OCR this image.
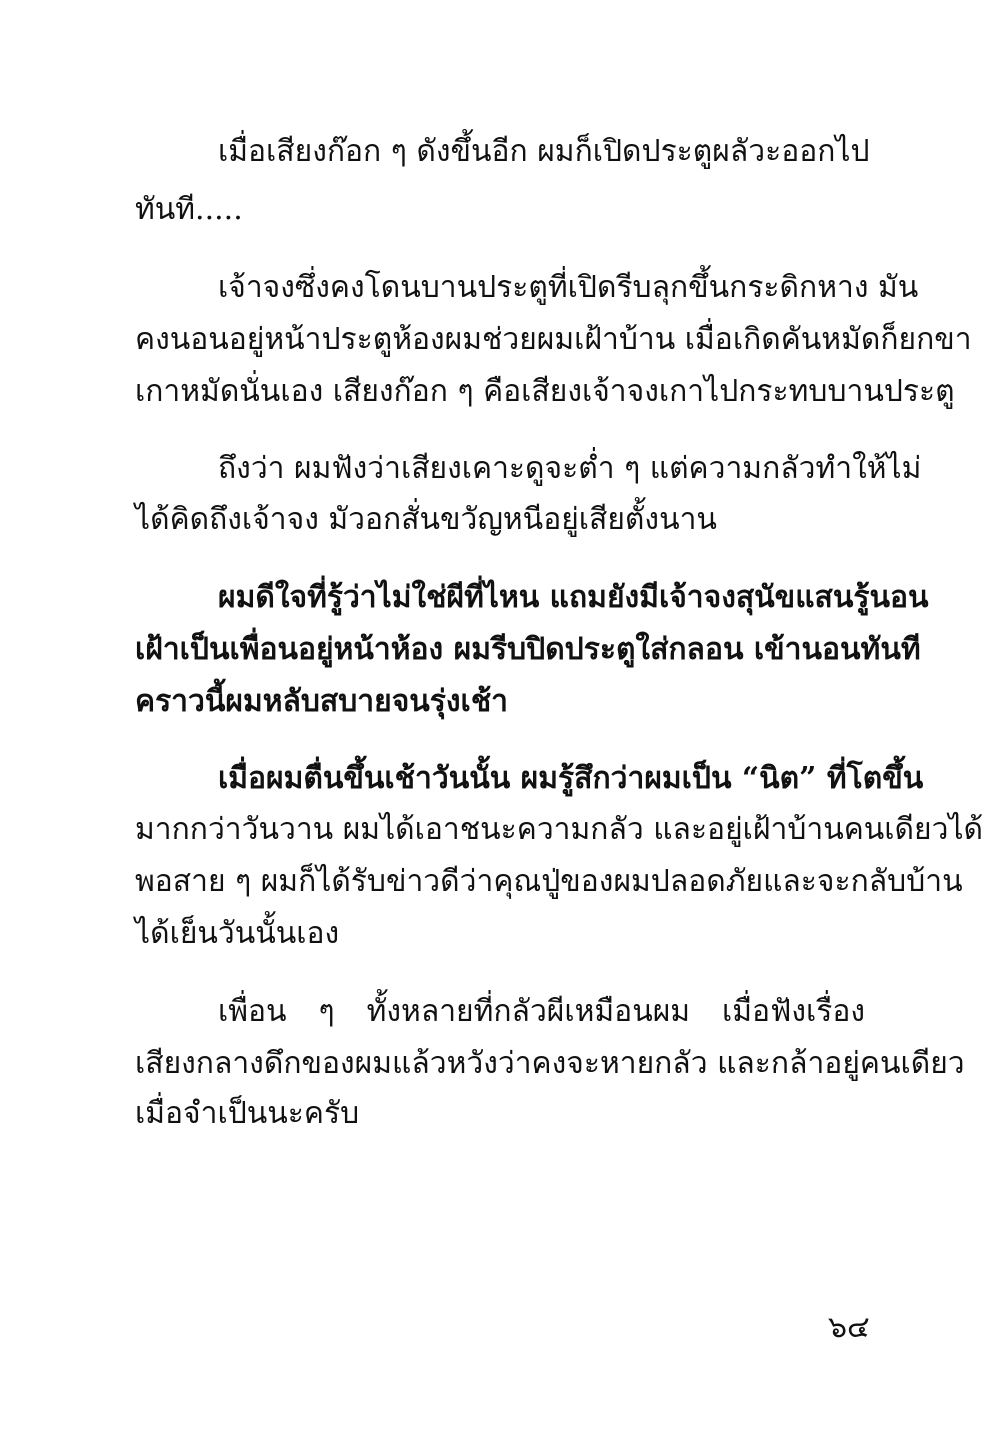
เมื่อเสียงก๊อก ๆ ดังขึ้นอีก ผมก็เปิดประตูผลัวะออกไป
ทันที.....
เจ้าจงซึ่งคงโดนบานประตูที่เปิดรีบลุกขึ้นกระดิกหาง มัน
คงนอนอยู่หน้าประตูห้องผมช่วยผมเฝ้าบ้าน เมื่อเกิดคันหมัดก็ยกขา
เกาหมัดนั่นเอง เสียงก๊อก ๆ คือเสียงเจ้าจงเกาไปกระทบบานประตู
ถึงว่า ผมฟังว่าเสียงเคาะดูจะต่ำ ๆ แต่ความกลัวทำให้ไม่
ได้คิดถึงเจ้าจง มัวอกสั่นขวัญหนีอยู่เสียตั้งนาน
ผมดีใจที่รู้ว่าไม่ใช่ผีที่ไหน แถมยังมีเจ้าจงสุนัขแสนรู้นอน
เฝ้าเป็นเพื่อนอยู่หน้าห้อง ผมรีบปิดประตูใส่กลอน เข้านอนทันที
คราวนี้ผมหลับสบายจนรุ่งเช้า
เมื่อผมตื่นขึ้นเช้าวันนั้น ผมรู้สึกว่าผมเป็น “นิต” ที่โตขึ้น
มากกว่าวันวาน ผมได้เอาชนะความกลัว และอยู่เฝ้าบ้านคนเดียวได้
พอสาย ๆ ผมก็ได้รับข่าวดีว่าคุณปู่ของผมปลอดภัยและจะกลับบ้าน
ได้เย็นวันนั้นเอง
เพื่อน ๆ ทั้งหลายที่กลัวผีเหมือนผม เมื่อฟังเรื่อง
เสียงกลางดึกของผมแล้วหวังว่าคงจะหายกลัว และกล้าอยู่คนเดียว
เมื่อจำเป็นนะครับ
๖๔
